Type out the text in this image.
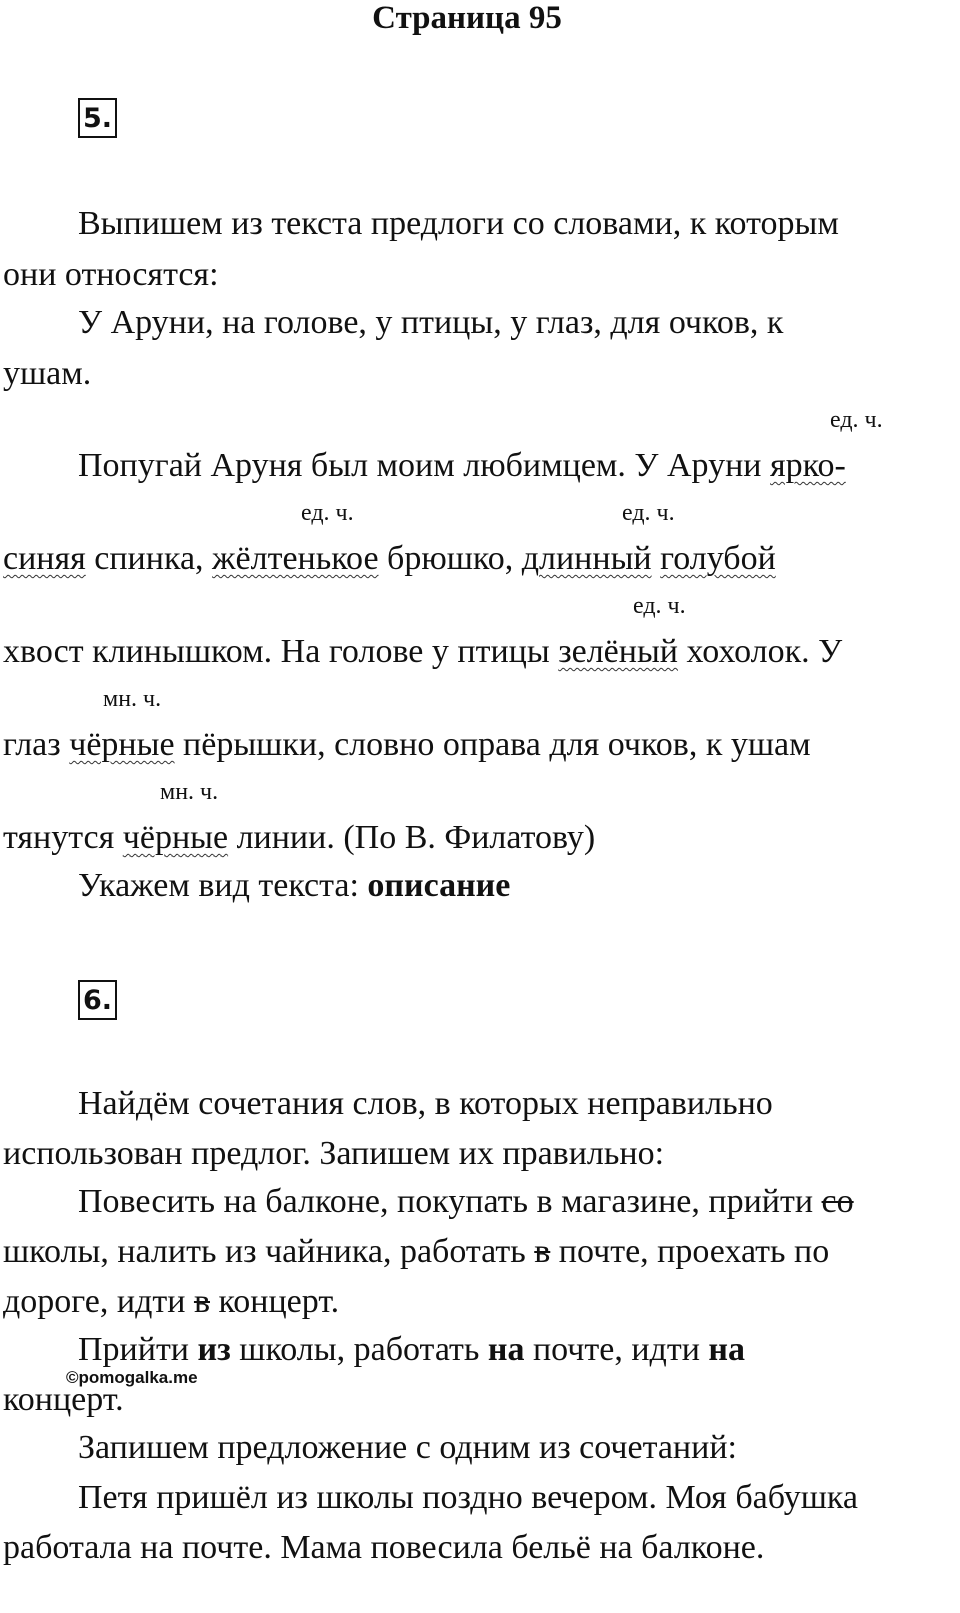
Страница 95
5.
Выпишем из текста предлоги со словами, к которым
они относятся:
У Аруни, на голове, у птицы, у глаз, для очков, к
ушам.
ед. ч.
Попугай Аруня был моим любимцем. У Аруни ярко-
ед. ч.	ед. ч.
синяя спинка, жёлтенькое брюшко, длинный голубой
ед. ч.
хвост клинышком. На голове у птицы зелёный хохолок. У
мн. ч.
глаз чёрные пёрышки, словно оправа для очков, к ушам
мн. ч.
тянутся чёрные линии. (По В. Филатову)
Укажем вид текста: описание
6.
Найдём сочетания слов, в которых неправильно
использован предлог. Запишем их правильно:
Повесить на балконе, покупать в магазине, прийти со
школы, налить из чайника, работать в почте, проехать по
дороге, идти в концерт.
Прийти из школы, работать на почте, идти на
©pomogalka.me
концерт.
Запишем предложение с одним из сочетаний:
Петя пришёл из школы поздно вечером. Моя бабушка
работала на почте. Мама повесила бельё на балконе.
